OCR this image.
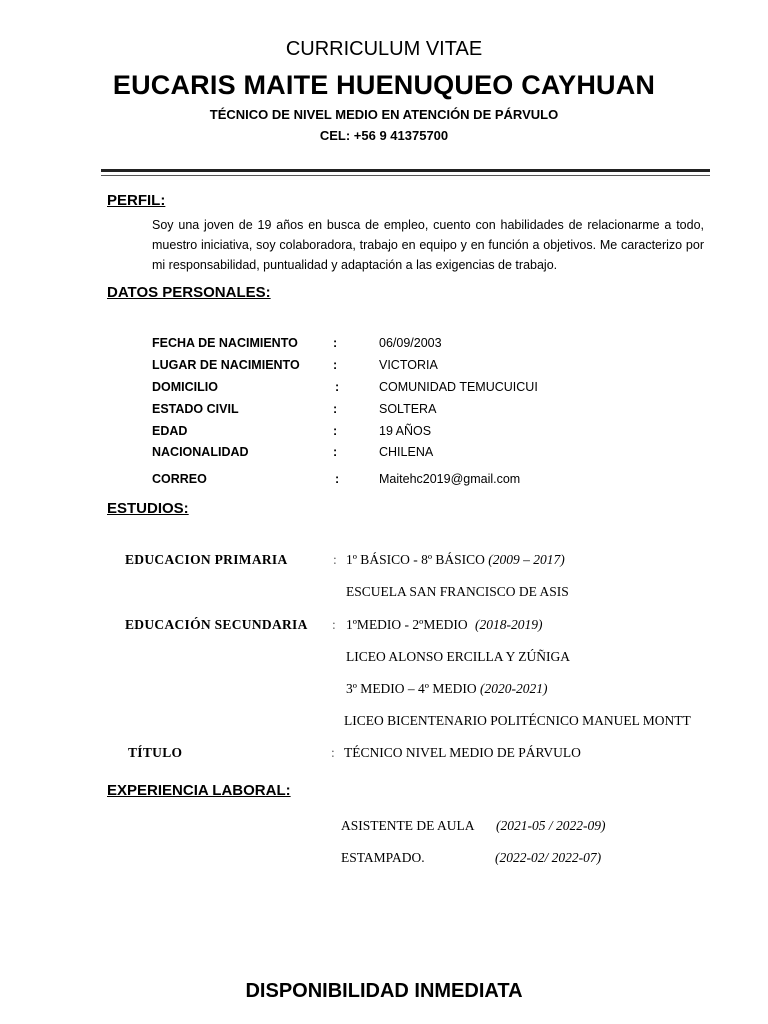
CURRICULUM VITAE
EUCARIS MAITE HUENUQUEO CAYHUAN
TÉCNICO DE NIVEL MEDIO EN ATENCIÓN DE PÁRVULO
CEL: +56 9 41375700
PERFIL:
Soy una joven de 19 años en busca de empleo, cuento con habilidades de relacionarme a todo, muestro iniciativa, soy colaboradora, trabajo en equipo y en función a objetivos. Me caracterizo por mi responsabilidad, puntualidad y adaptación a las exigencias de trabajo.
DATOS PERSONALES:
FECHA DE NACIMIENTO	:	06/09/2003
LUGAR DE NACIMIENTO	:	VICTORIA
DOMICILIO	:	COMUNIDAD TEMUCUICUI
ESTADO CIVIL	:	SOLTERA
EDAD	:	19 AÑOS
NACIONALIDAD	:	CHILENA
CORREO	:	Maitehc2019@gmail.com
ESTUDIOS:
EDUCACION PRIMARIA	: 1º BÁSICO - 8º BÁSICO (2009 – 2017)
ESCUELA SAN FRANCISCO DE ASIS
EDUCACIÓN SECUNDARIA : 1ºMEDIO - 2ºMEDIO (2018-2019)
LICEO ALONSO ERCILLA Y ZÚÑIGA
3º MEDIO – 4º MEDIO (2020-2021)
LICEO BICENTENARIO POLITÉCNICO MANUEL MONTT
TÍTULO	: TÉCNICO NIVEL MEDIO DE PÁRVULO
EXPERIENCIA LABORAL:
ASISTENTE DE AULA (2021-05 / 2022-09)
ESTAMPADO.	(2022-02/ 2022-07)
DISPONIBILIDAD INMEDIATA
